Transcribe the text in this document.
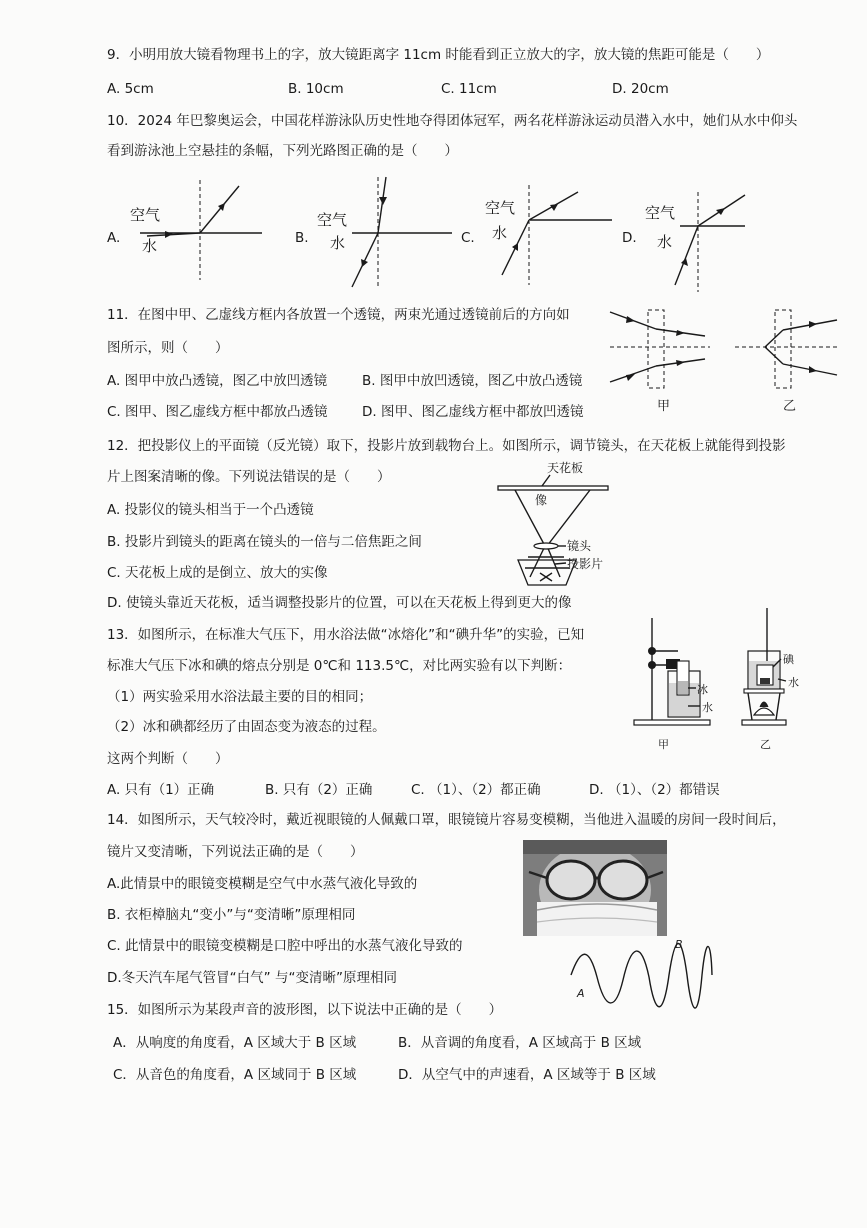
9．小明用放大镜看物理书上的字，放大镜距离字 11cm 时能看到正立放大的字，放大镜的焦距可能是（　　）
A. 5cm	B. 10cm	C. 11cm	D. 20cm
10．2024 年巴黎奥运会，中国花样游泳队历史性地夺得团体冠军，两名花样游泳运动员潜入水中，她们从水中仰头
看到游泳池上空悬挂的条幅，下列光路图正确的是（　　）
A.
空气
水	B.
空气
水	C.
空气
水	D.
空气
水
11．在图中甲、乙虚线方框内各放置一个透镜，两束光通过透镜前后的方向如
图所示，则（　　）
A. 图甲中放凸透镜，图乙中放凹透镜	B. 图甲中放凹透镜，图乙中放凸透镜
C. 图甲、图乙虚线方框中都放凸透镜	D. 图甲、图乙虚线方框中都放凹透镜	甲	乙
12．把投影仪上的平面镜（反光镜）取下，投影片放到载物台上。如图所示，调节镜头，在天花板上就能得到投影
片上图案清晰的像。下列说法错误的是（　　）
A. 投影仪的镜头相当于一个凸透镜
B. 投影片到镜头的距离在镜头的一倍与二倍焦距之间
C. 天花板上成的是倒立、放大的实像
D. 使镜头靠近天花板，适当调整投影片的位置，可以在天花板上得到更大的像
天花板
像
镜头
投影片
13．如图所示，在标准大气压下，用水浴法做“冰熔化”和“碘升华”的实验，已知
标准大气压下冰和碘的熔点分别是 0℃和 113.5℃，对比两实验有以下判断：
（1）两实验采用水浴法最主要的目的相同；
（2）冰和碘都经历了由固态变为液态的过程。
这两个判断（　　）
A. 只有（1）正确	B. 只有（2）正确	C. （1）、（2）都正确	D. （1）、（2）都错误
冰
水
甲
碘
水
乙
14．如图所示，天气较冷时，戴近视眼镜的人佩戴口罩，眼镜镜片容易变模糊，当他进入温暖的房间一段时间后，
镜片又变清晰，下列说法正确的是（　　）
A.此情景中的眼镜变模糊是空气中水蒸气液化导致的
B. 衣柜樟脑丸“变小”与“变清晰”原理相同
C. 此情景中的眼镜变模糊是口腔中呼出的水蒸气液化导致的
D.冬天汽车尾气管冒“白气” 与“变清晰”原理相同
15．如图所示为某段声音的波形图，以下说法中正确的是（　　）
A．从响度的角度看，A 区域大于 B 区域	B．从音调的角度看，A 区域高于 B 区域
C．从音色的角度看，A 区域同于 B 区域	D．从空气中的声速看，A 区域等于 B 区域
A
B
